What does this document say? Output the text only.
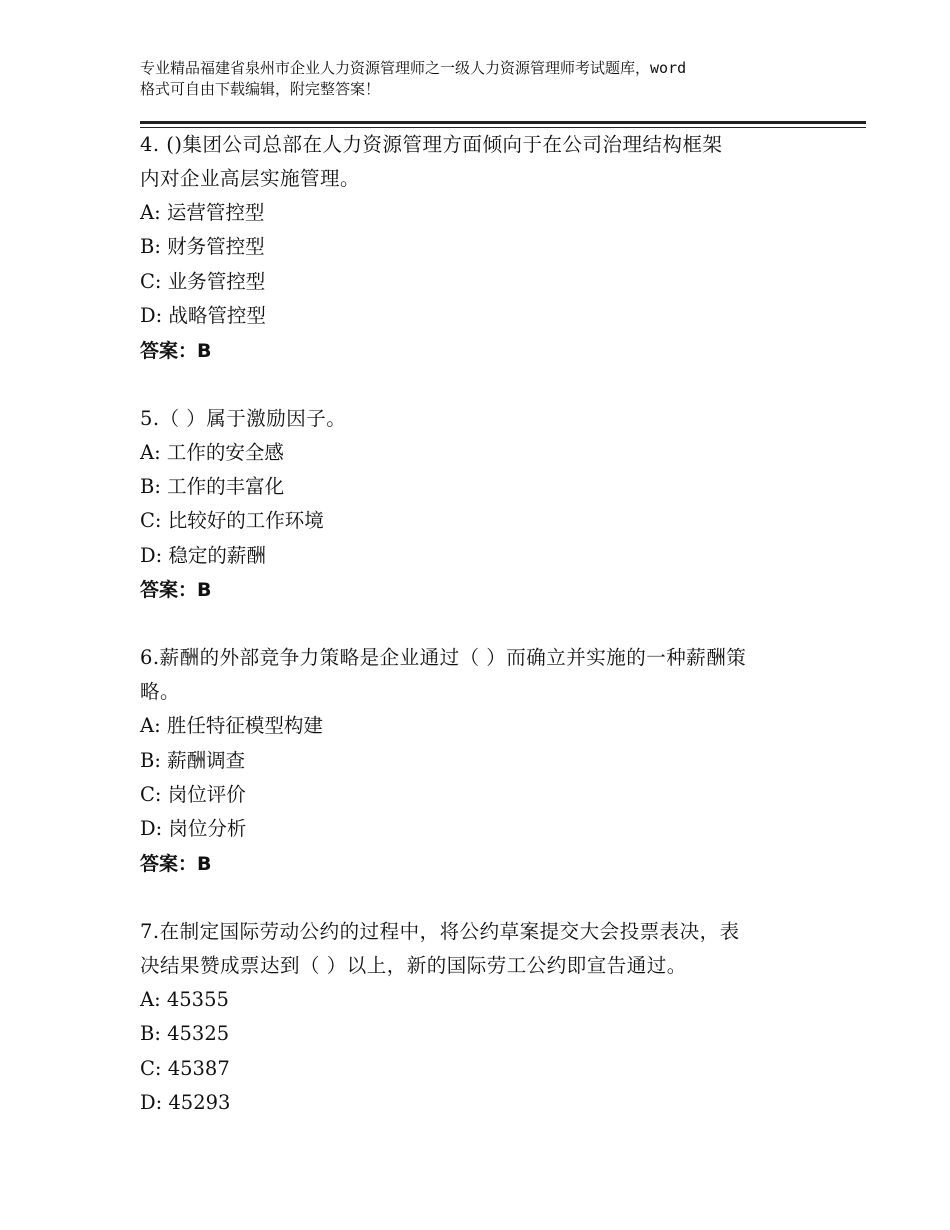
专业精品福建省泉州市企业人力资源管理师之一级人力资源管理师考试题库，word
格式可自由下载编辑，附完整答案！
4. ()集团公司总部在人力资源管理方面倾向于在公司治理结构框架
内对企业高层实施管理。
A: 运营管控型
B: 财务管控型
C: 业务管控型
D: 战略管控型
答案：B
5.（ ）属于激励因子。
A: 工作的安全感
B: 工作的丰富化
C: 比较好的工作环境
D: 稳定的薪酬
答案：B
6.薪酬的外部竞争力策略是企业通过（ ）而确立并实施的一种薪酬策
略。
A: 胜任特征模型构建
B: 薪酬调查
C: 岗位评价
D: 岗位分析
答案：B
7.在制定国际劳动公约的过程中，将公约草案提交大会投票表决，表
决结果赞成票达到（ ）以上，新的国际劳工公约即宣告通过。
A: 45355
B: 45325
C: 45387
D: 45293
